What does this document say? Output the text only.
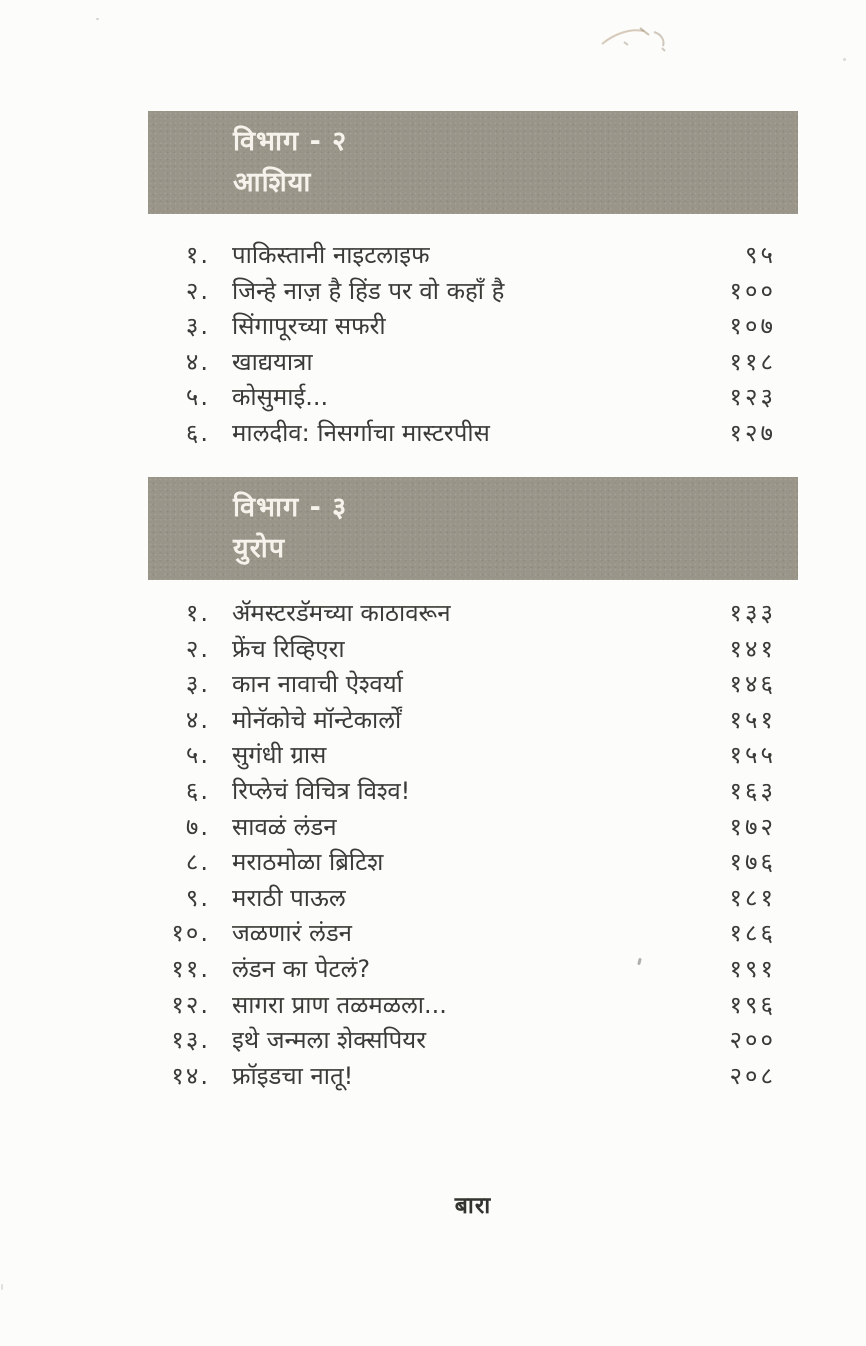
विभाग - २
आशिया
१. पाकिस्तानी नाइटलाइफ	९५
२. जिन्हे नाज़ है हिंड पर वो कहाँ है	१००
३. सिंगापूरच्या सफरी	१०७
४. खाद्ययात्रा	११८
५. कोसुमाई...	१२३
६. मालदीव: निसर्गाचा मास्टरपीस	१२७
विभाग - ३
युरोप
१. ॲमस्टरडॅमच्या काठावरून	१३३
२. फ्रेंच रिव्हिएरा	१४१
३. कान नावाची ऐश्वर्या	१४६
४. मोनॅकोचे मॉन्टेकार्लों	१५१
५. सुगंधी ग्रास	१५५
६. रिप्लेचं विचित्र विश्व!	१६३
७. सावळं लंडन	१७२
८. मराठमोळा ब्रिटिश	१७६
९. मराठी पाऊल	१८१
१०. जळणारं लंडन	१८६
११. लंडन का पेटलं?	१९१
१२. सागरा प्राण तळमळला...	१९६
१३. इथे जन्मला शेक्सपियर	२००
१४. फ्रॉइडचा नातू!	२०८
बारा
